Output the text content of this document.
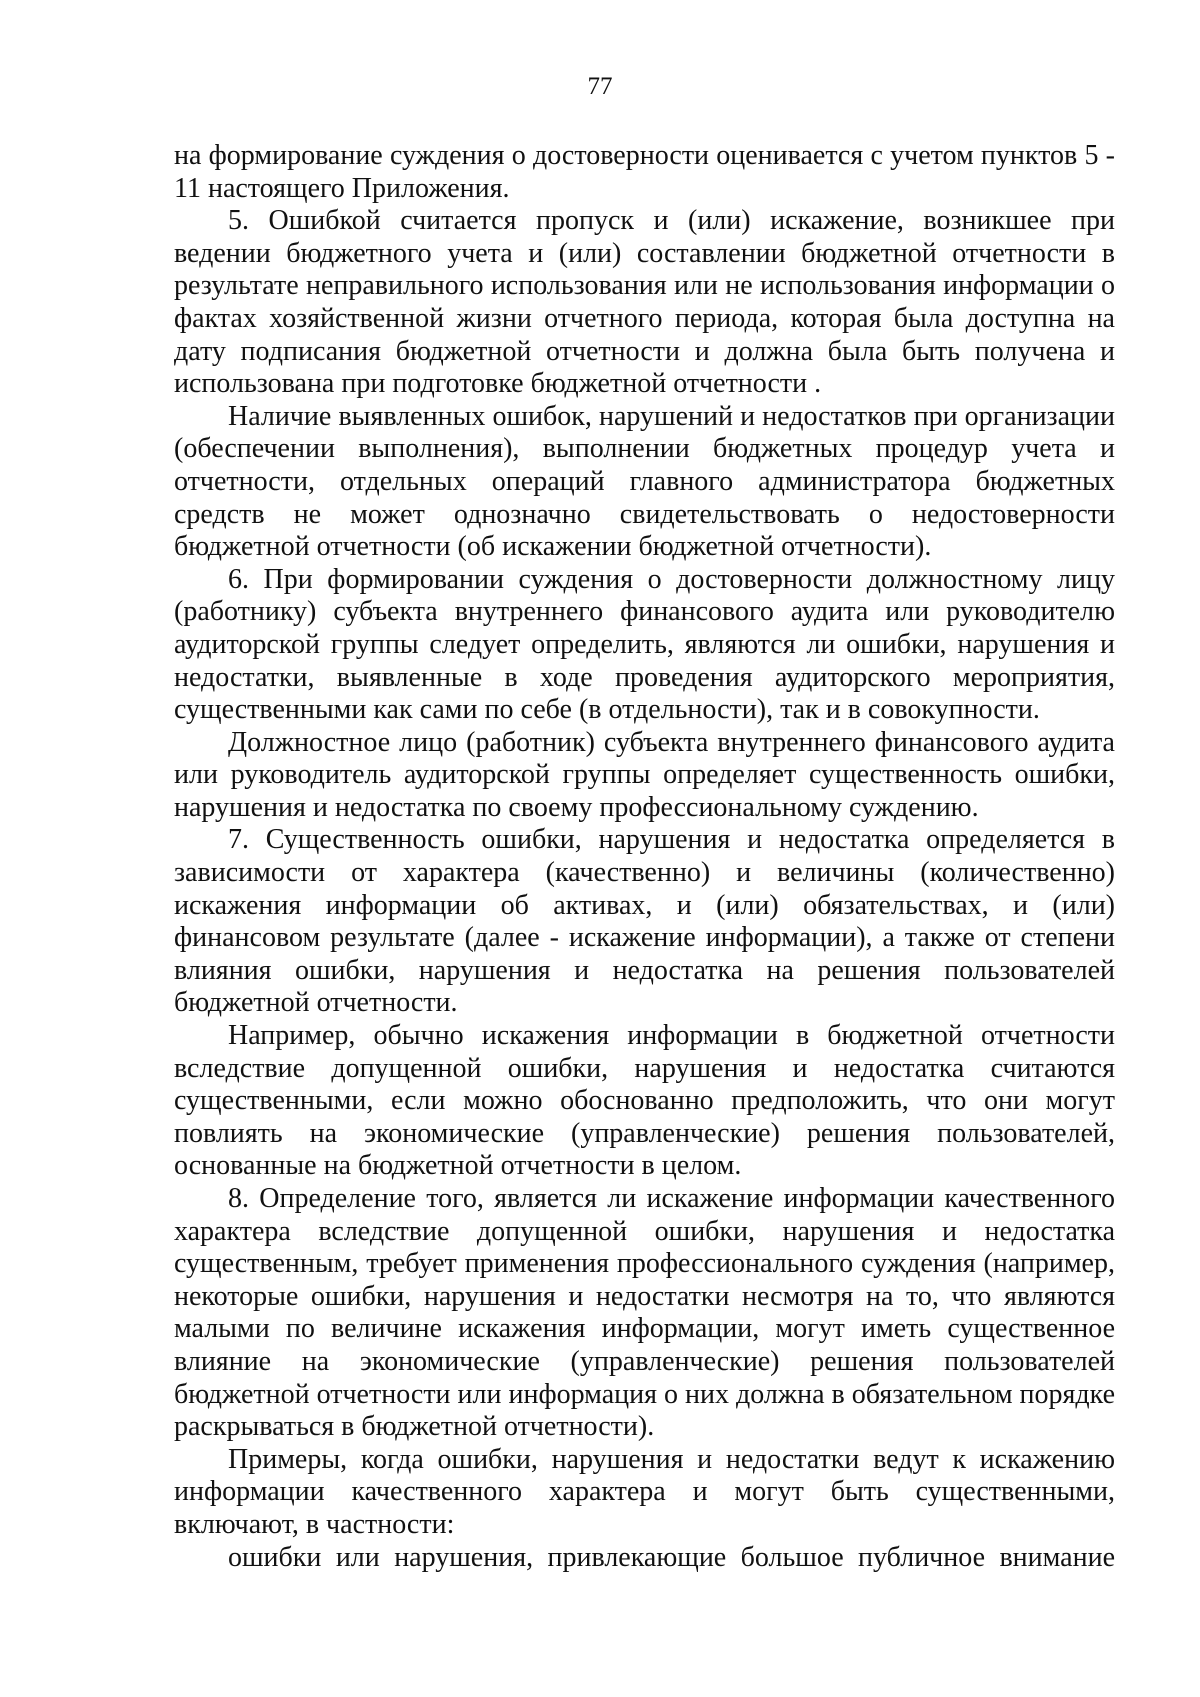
77

на формирование суждения о достоверности оценивается с учетом пунктов 5 - 11 настоящего Приложения.

5. Ошибкой считается пропуск и (или) искажение, возникшее при ведении бюджетного учета и (или) составлении бюджетной отчетности в результате неправильного использования или не использования информации о фактах хозяйственной жизни отчетного периода, которая была доступна на дату подписания бюджетной отчетности и должна была быть получена и использована при подготовке бюджетной отчетности .

Наличие выявленных ошибок, нарушений и недостатков при организации (обеспечении выполнения), выполнении бюджетных процедур учета и отчетности, отдельных операций главного администратора бюджетных средств не может однозначно свидетельствовать о недостоверности бюджетной отчетности (об искажении бюджетной отчетности).

6. При формировании суждения о достоверности должностному лицу (работнику) субъекта внутреннего финансового аудита или руководителю аудиторской группы следует определить, являются ли ошибки, нарушения и недостатки, выявленные в ходе проведения аудиторского мероприятия, существенными как сами по себе (в отдельности), так и в совокупности.

Должностное лицо (работник) субъекта внутреннего финансового аудита или руководитель аудиторской группы определяет существенность ошибки, нарушения и недостатка по своему профессиональному суждению.

7. Существенность ошибки, нарушения и недостатка определяется в зависимости от характера (качественно) и величины (количественно) искажения информации об активах, и (или) обязательствах, и (или) финансовом результате (далее - искажение информации), а также от степени влияния ошибки, нарушения и недостатка на решения пользователей бюджетной отчетности.

Например, обычно искажения информации в бюджетной отчетности вследствие допущенной ошибки, нарушения и недостатка считаются существенными, если можно обоснованно предположить, что они могут повлиять на экономические (управленческие) решения пользователей, основанные на бюджетной отчетности в целом.

8. Определение того, является ли искажение информации качественного характера вследствие допущенной ошибки, нарушения и недостатка существенным, требует применения профессионального суждения (например, некоторые ошибки, нарушения и недостатки несмотря на то, что являются малыми по величине искажения информации, могут иметь существенное влияние на экономические (управленческие) решения пользователей бюджетной отчетности или информация о них должна в обязательном порядке раскрываться в бюджетной отчетности).

Примеры, когда ошибки, нарушения и недостатки ведут к искажению информации качественного характера и могут быть существенными, включают, в частности:

ошибки или нарушения, привлекающие большое публичное внимание
